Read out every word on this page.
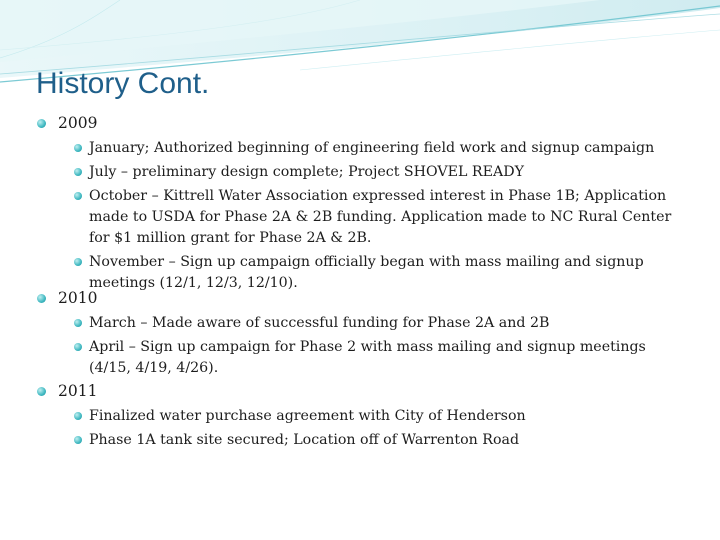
History Cont.
2009
January; Authorized beginning of engineering field work and signup campaign
July – preliminary design complete; Project SHOVEL READY
October – Kittrell Water Association expressed interest in Phase 1B; Application
made to USDA for Phase 2A & 2B funding. Application made to NC Rural Center
for $1 million grant for Phase 2A & 2B.
November – Sign up campaign officially began with mass mailing and signup
meetings (12/1, 12/3, 12/10).
2010
March – Made aware of successful funding for Phase 2A and 2B
April – Sign up campaign for Phase 2 with mass mailing and signup meetings
(4/15, 4/19, 4/26).
2011
Finalized water purchase agreement with City of Henderson
Phase 1A tank site secured; Location off of Warrenton Road
